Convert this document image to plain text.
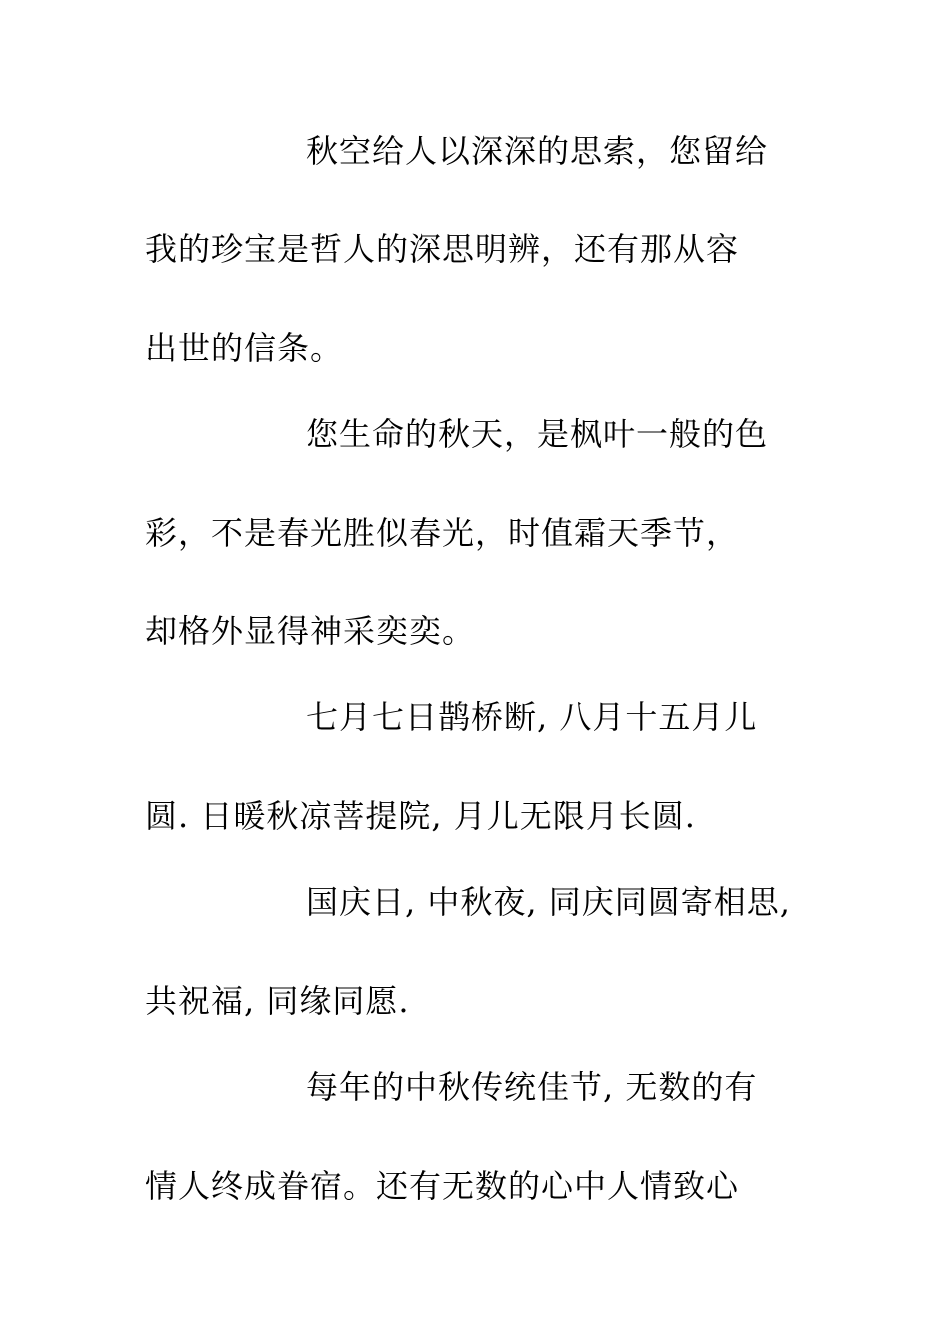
秋空给人以深深的思索，您留给
我的珍宝是哲人的深思明辨，还有那从容
出世的信条。
您生命的秋天，是枫叶一般的色
彩，不是春光胜似春光，时值霜天季节，
却格外显得神采奕奕。
七月七日鹊桥断, 八月十五月儿
圆. 日暖秋凉菩提院, 月儿无限月长圆.
国庆日, 中秋夜, 同庆同圆寄相思,
共祝福, 同缘同愿.
每年的中秋传统佳节, 无数的有
情人终成眷宿。还有无数的心中人情致心
